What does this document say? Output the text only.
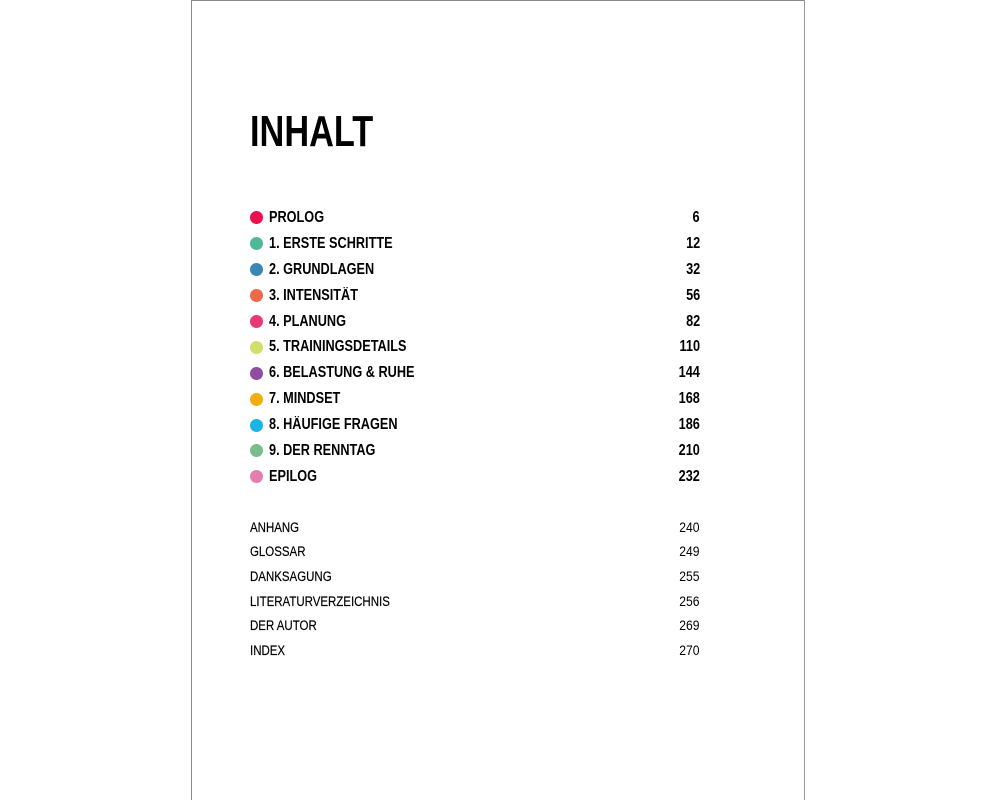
INHALT
PROLOG	6
1. ERSTE SCHRITTE	12
2. GRUNDLAGEN	32
3. INTENSITÄT	56
4. PLANUNG	82
5. TRAININGSDETAILS	110
6. BELASTUNG & RUHE	144
7. MINDSET	168
8. HÄUFIGE FRAGEN	186
9. DER RENNTAG	210
EPILOG	232
ANHANG	240
GLOSSAR	249
DANKSAGUNG	255
LITERATURVERZEICHNIS	256
DER AUTOR	269
INDEX	270
